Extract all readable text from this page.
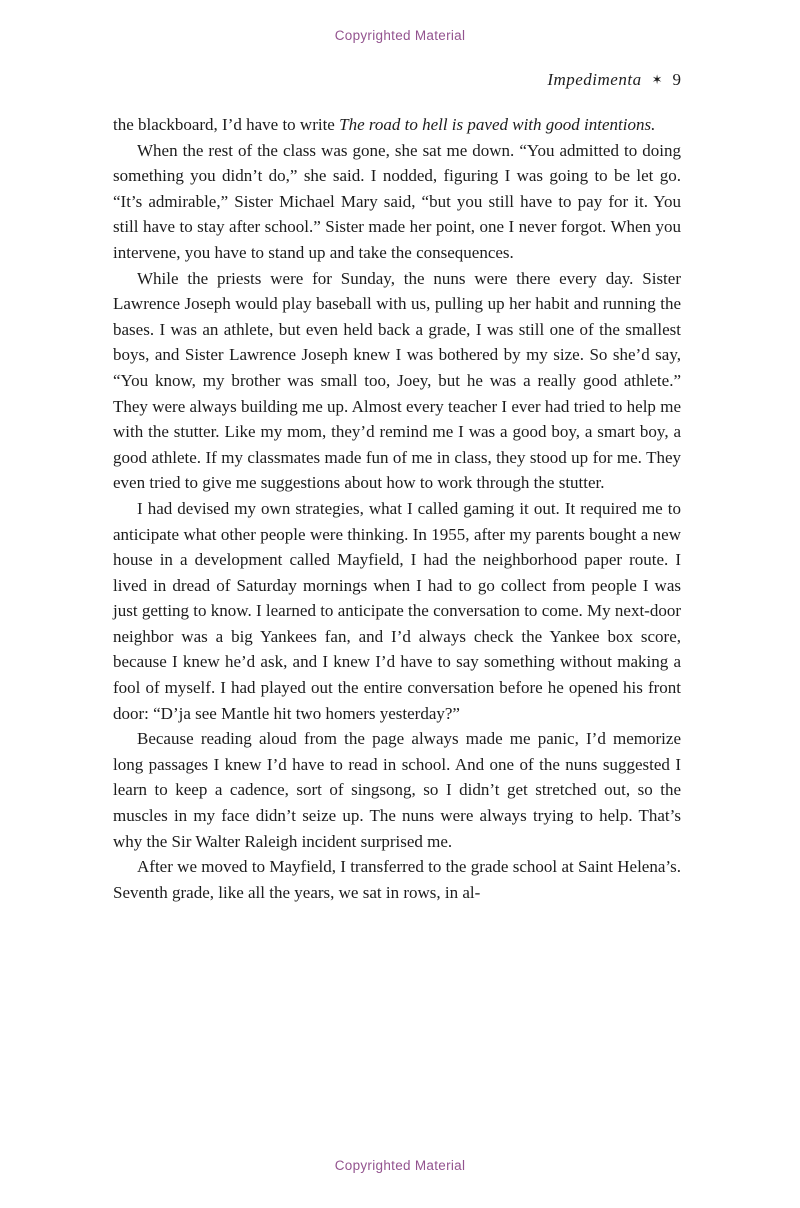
Copyrighted Material
Impedimenta ✶ 9

the blackboard, I’d have to write The road to hell is paved with good intentions.

When the rest of the class was gone, she sat me down. “You admitted to doing something you didn’t do,” she said. I nodded, figuring I was going to be let go. “It’s admirable,” Sister Michael Mary said, “but you still have to pay for it. You still have to stay after school.” Sister made her point, one I never forgot. When you intervene, you have to stand up and take the consequences.

While the priests were for Sunday, the nuns were there every day. Sister Lawrence Joseph would play baseball with us, pulling up her habit and running the bases. I was an athlete, but even held back a grade, I was still one of the smallest boys, and Sister Lawrence Joseph knew I was bothered by my size. So she’d say, “You know, my brother was small too, Joey, but he was a really good athlete.” They were always building me up. Almost every teacher I ever had tried to help me with the stutter. Like my mom, they’d remind me I was a good boy, a smart boy, a good athlete. If my classmates made fun of me in class, they stood up for me. They even tried to give me suggestions about how to work through the stutter.

I had devised my own strategies, what I called gaming it out. It required me to anticipate what other people were thinking. In 1955, after my parents bought a new house in a development called Mayfield, I had the neighborhood paper route. I lived in dread of Saturday mornings when I had to go collect from people I was just getting to know. I learned to anticipate the conversation to come. My next-door neighbor was a big Yankees fan, and I’d always check the Yankee box score, because I knew he’d ask, and I knew I’d have to say something without making a fool of myself. I had played out the entire conversation before he opened his front door: “D’ja see Mantle hit two homers yesterday?”

Because reading aloud from the page always made me panic, I’d memorize long passages I knew I’d have to read in school. And one of the nuns suggested I learn to keep a cadence, sort of singsong, so I didn’t get stretched out, so the muscles in my face didn’t seize up. The nuns were always trying to help. That’s why the Sir Walter Raleigh incident surprised me.

After we moved to Mayfield, I transferred to the grade school at Saint Helena’s. Seventh grade, like all the years, we sat in rows, in al-

Copyrighted Material
